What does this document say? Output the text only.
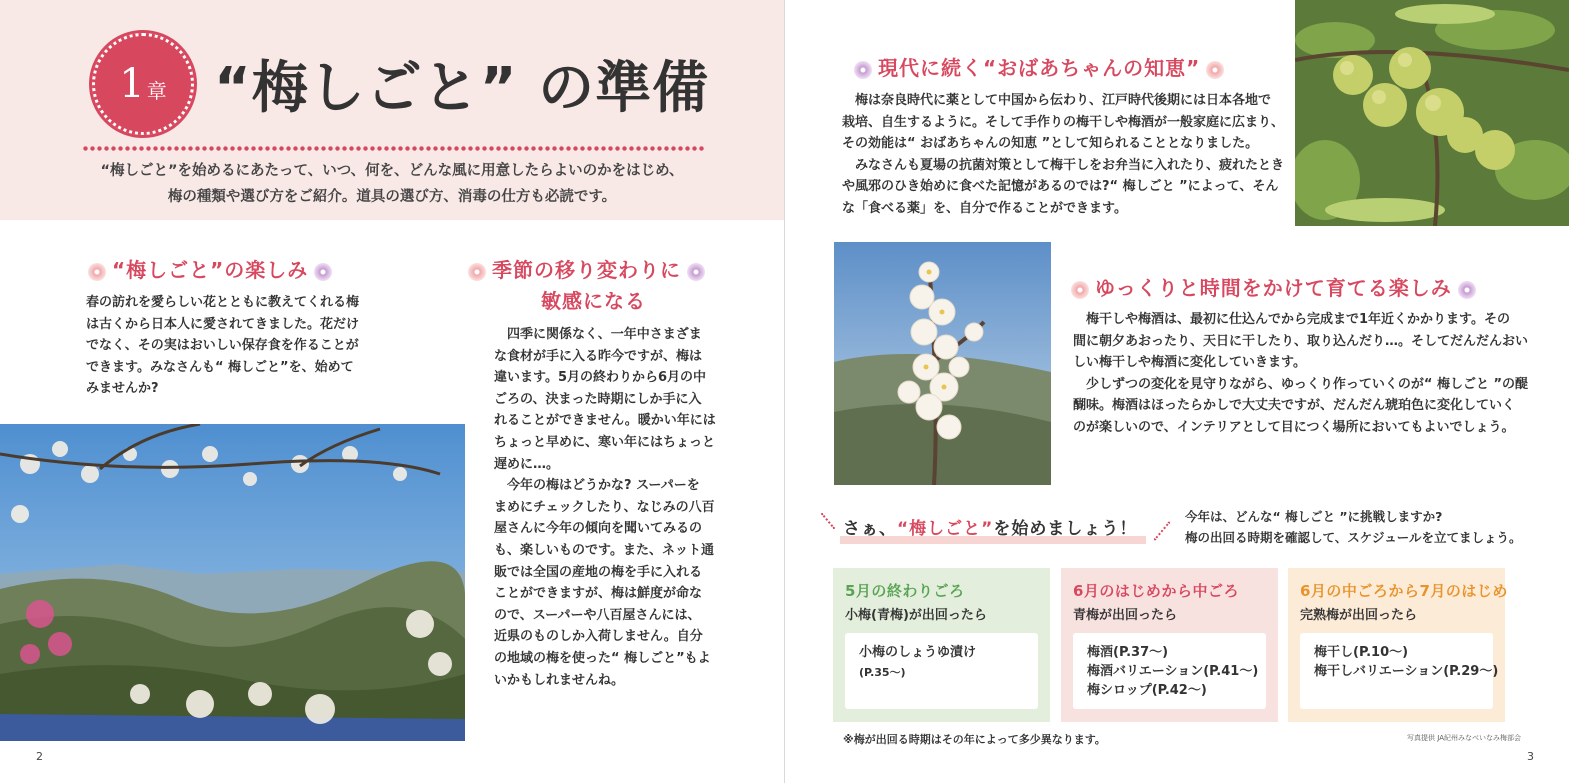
1 章 “梅しごと” の準備
“梅しごと”を始めるにあたって、いつ、何を、どんな風に用意したらよいのかをはじめ、
梅の種類や選び方をご紹介。道具の選び方、消毒の仕方も必読です。
“梅しごと”の楽しみ

春の訪れを愛らしい花とともに教えてくれる梅

は古くから日本人に愛されてきました。花だけ

でなく、その実はおいしい保存食を作ることが

できます。みなさんも“ 梅しごと”を、始めて

みませんか?

季節の移り変わりに
敏感になる

四季に関係なく、一年中さまざま

な食材が手に入る昨今ですが、梅は

違います。5月の終わりから6月の中

ごろの、決まった時期にしか手に入

れることができません。暖かい年には

ちょっと早めに、寒い年にはちょっと

遅めに…。

今年の梅はどうかな? スーパーを

まめにチェックしたり、なじみの八百

屋さんに今年の傾向を聞いてみるの

も、楽しいものです。また、ネット通

販では全国の産地の梅を手に入れる

ことができますが、梅は鮮度が命な

ので、スーパーや八百屋さんには、

近県のものしか入荷しません。自分

の地域の梅を使った“ 梅しごと”もよ

いかもしれませんね。

2
現代に続く“おばあちゃんの知恵”

梅は奈良時代に薬として中国から伝わり、江戸時代後期には日本各地で

栽培、自生するように。そして手作りの梅干しや梅酒が一般家庭に広まり、

その効能は“ おばあちゃんの知恵 ”として知られることとなりました。

みなさんも夏場の抗菌対策として梅干しをお弁当に入れたり、疲れたとき

や風邪のひき始めに食べた記憶があるのでは?“ 梅しごと ”によって、そん

な「食べる薬」を、自分で作ることができます。

ゆっくりと時間をかけて育てる楽しみ

梅干しや梅酒は、最初に仕込んでから完成まで1年近くかかります。その

間に朝夕あおったり、天日に干したり、取り込んだり…。そしてだんだんおい

しい梅干しや梅酒に変化していきます。

少しずつの変化を見守りながら、ゆっくり作っていくのが“ 梅しごと ”の醍

醐味。梅酒はほったらかしで大丈夫ですが、だんだん琥珀色に変化していく

のが楽しいので、インテリアとして目につく場所においてもよいでしょう。

さぁ、“梅しごと”を始めましょう！
今年は、どんな“ 梅しごと ”に挑戦しますか?
梅の出回る時期を確認して、スケジュールを立てましょう。
5月の終わりごろ
小梅(青梅)が出回ったら
小梅のしょうゆ漬け
(P.35～)
6月のはじめから中ごろ
青梅が出回ったら
梅酒(P.37～)
梅酒バリエーション(P.41～)
梅シロップ(P.42～)
6月の中ごろから7月のはじめ
完熟梅が出回ったら
梅干し(P.10～)
梅干しバリエーション(P.29～)
※梅が出回る時期はその年によって多少異なります。	写真提供 JA紀州みなべいなみ梅部会
3
